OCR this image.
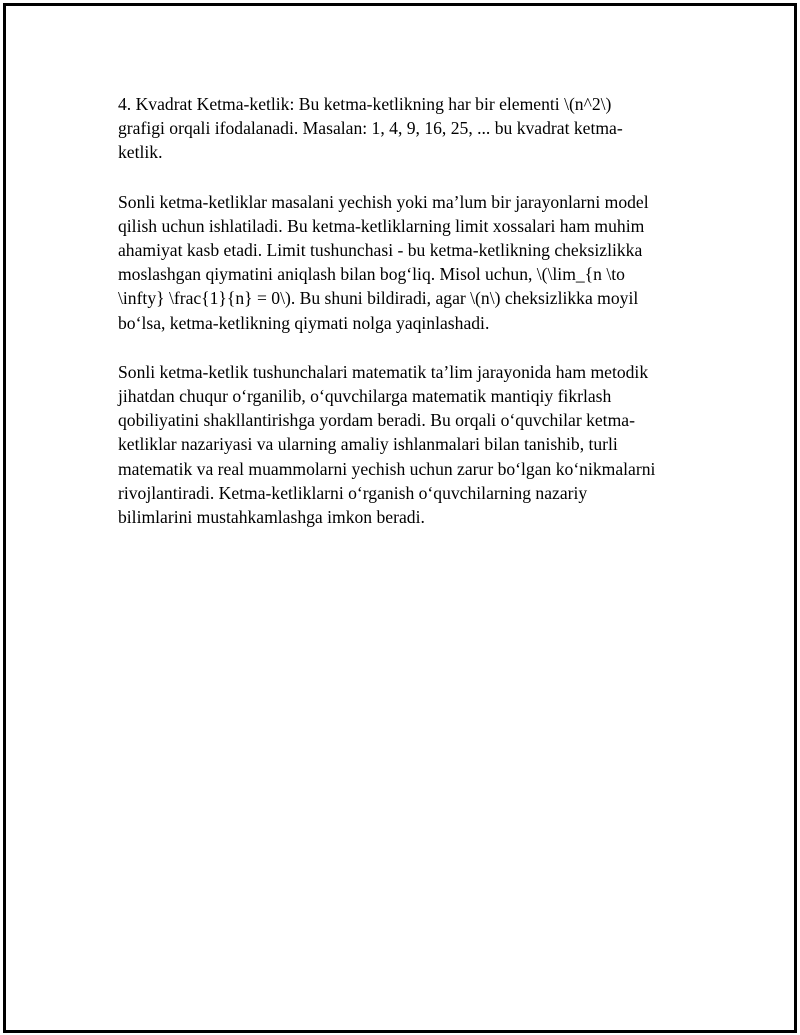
4. Kvadrat Ketma-ketlik: Bu ketma-ketlikning har bir elementi \(n^2\)
grafigi orqali ifodalanadi. Masalan: 1, 4, 9, 16, 25, ... bu kvadrat ketma-
ketlik.

Sonli ketma-ketliklar masalani yechish yoki ma’lum bir jarayonlarni model
qilish uchun ishlatiladi. Bu ketma-ketliklarning limit xossalari ham muhim
ahamiyat kasb etadi. Limit tushunchasi - bu ketma-ketlikning cheksizlikka
moslashgan qiymatini aniqlash bilan bog‘liq. Misol uchun, \(\lim_{n \to
\infty} \frac{1}{n} = 0\). Bu shuni bildiradi, agar \(n\) cheksizlikka moyil
bo‘lsa, ketma-ketlikning qiymati nolga yaqinlashadi.

Sonli ketma-ketlik tushunchalari matematik ta’lim jarayonida ham metodik
jihatdan chuqur o‘rganilib, o‘quvchilarga matematik mantiqiy fikrlash
qobiliyatini shakllantirishga yordam beradi. Bu orqali o‘quvchilar ketma-
ketliklar nazariyasi va ularning amaliy ishlanmalari bilan tanishib, turli
matematik va real muammolarni yechish uchun zarur bo‘lgan ko‘nikmalarni
rivojlantiradi. Ketma-ketliklarni o‘rganish o‘quvchilarning nazariy
bilimlarini mustahkamlashga imkon beradi.
